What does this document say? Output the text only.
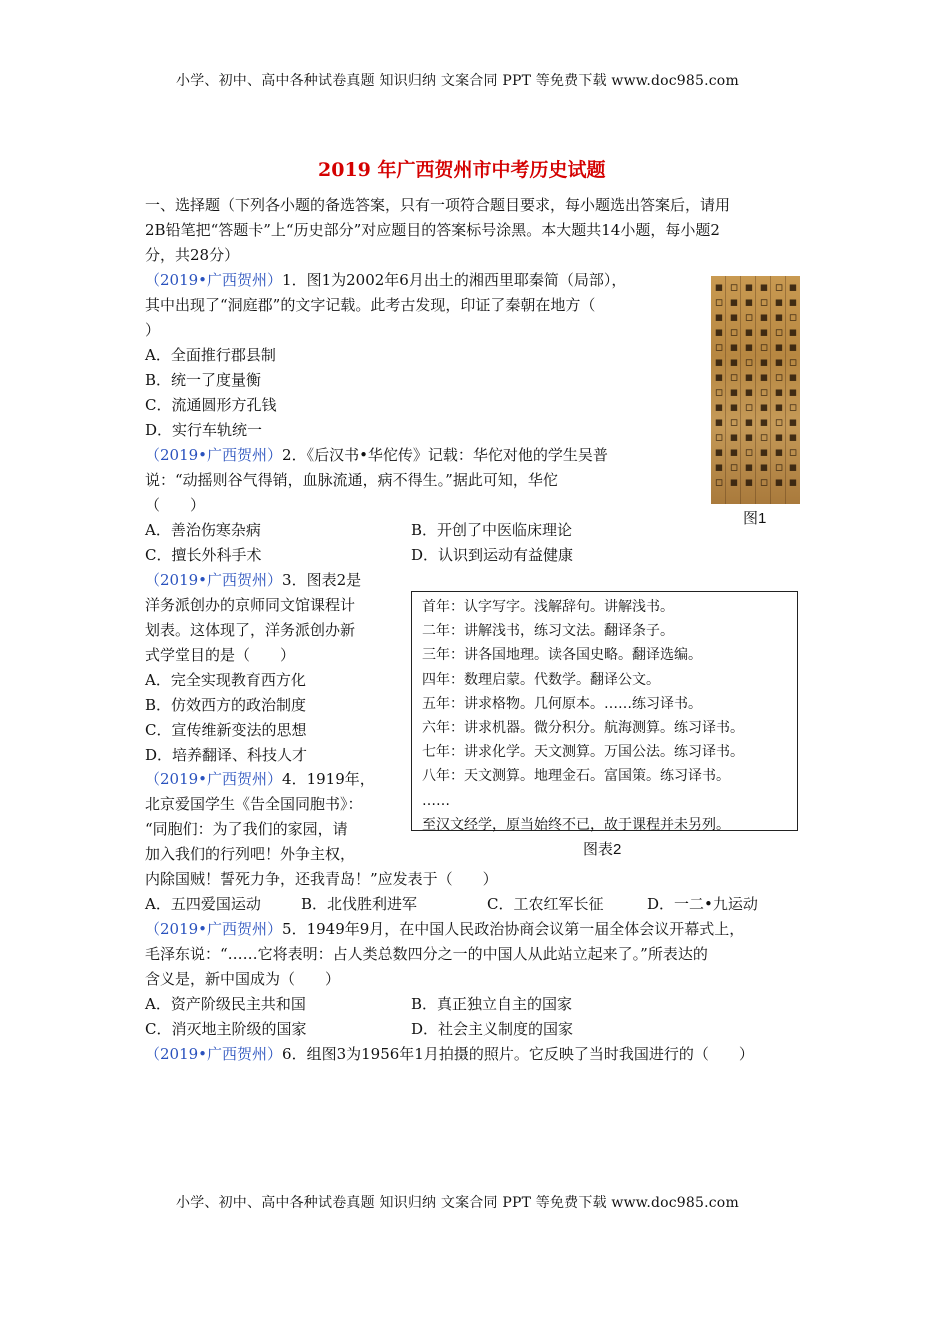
小学、初中、高中各种试卷真题 知识归纳 文案合同 PPT 等免费下载 www.doc985.com
小学、初中、高中各种试卷真题 知识归纳 文案合同 PPT 等免费下载 www.doc985.com
2019 年广西贺州市中考历史试题
一、选择题（下列各小题的备选答案，只有一项符合题目要求，每小题选出答案后，请用
2B铅笔把“答题卡”上“历史部分”对应题目的答案标号涂黑。本大题共14小题，每小题2
分，共28分）
（2019•广西贺州）1．图1为2002年6月出土的湘西里耶秦简（局部），
其中出现了“洞庭郡”的文字记载。此考古发现，印证了秦朝在地方（
）
A．全面推行郡县制
B．统一了度量衡
C．流通圆形方孔钱
D．实行车轨统一
▪
▫
▪
▪
▫
▪
▪
▫
▪
▪
▫
▪
▪
▫
▫
▪
▪
▫
▪
▪
▫
▪
▪
▫
▪
▪
▫
▪
▪
▪
▫
▪
▪
▫
▪
▪
▫
▪
▪
▫
▪
▪
▪
▫
▪
▪
▫
▪
▪
▫
▪
▪
▫
▪
▪
▫
▫
▪
▪
▫
▪
▪
▫
▪
▪
▫
▪
▪
▫
▪
▪
▪
▫
▪
▪
▫
▪
▪
▫
▪
▪
▫
▪
▪
图1
（2019•广西贺州）2．《后汉书•华佗传》记载：华佗对他的学生吴普
说：“动摇则谷气得销，血脉流通，病不得生。”据此可知，华佗
（　　）
A．善治伤寒杂病	B．开创了中医临床理论
C．擅长外科手术	D．认识到运动有益健康
（2019•广西贺州）3．图表2是
洋务派创办的京师同文馆课程计
划表。这体现了，洋务派创办新
式学堂目的是（　　）
A．完全实现教育西方化
B．仿效西方的政治制度
C．宣传维新变法的思想
D．培养翻译、科技人才
首年：认字写字。浅解辞句。讲解浅书。
二年：讲解浅书，练习文法。翻译条子。
三年：讲各国地理。读各国史略。翻译选编。
四年：数理启蒙。代数学。翻译公文。
五年：讲求格物。几何原本。……练习译书。
六年：讲求机器。微分积分。航海测算。练习译书。
七年：讲求化学。天文测算。万国公法。练习译书。
八年：天文测算。地理金石。富国策。练习译书。
……
至汉文经学，原当始终不已，故于课程并未另列。
图表2
（2019•广西贺州）4．1919年，
北京爱国学生《告全国同胞书》：
“同胞们：为了我们的家园，请
加入我们的行列吧！外争主权，
内除国贼！誓死力争，还我青岛！”应发表于（　　）
A．五四爱国运动	B．北伐胜利进军	C．工农红军长征	D．一二•九运动
（2019•广西贺州）5．1949年9月，在中国人民政治协商会议第一届全体会议开幕式上，
毛泽东说：“……它将表明：占人类总数四分之一的中国人从此站立起来了。”所表达的
含义是，新中国成为（　　）
A．资产阶级民主共和国	B．真正独立自主的国家
C．消灭地主阶级的国家	D．社会主义制度的国家
（2019•广西贺州）6．组图3为1956年1月拍摄的照片。它反映了当时我国进行的（　　）
